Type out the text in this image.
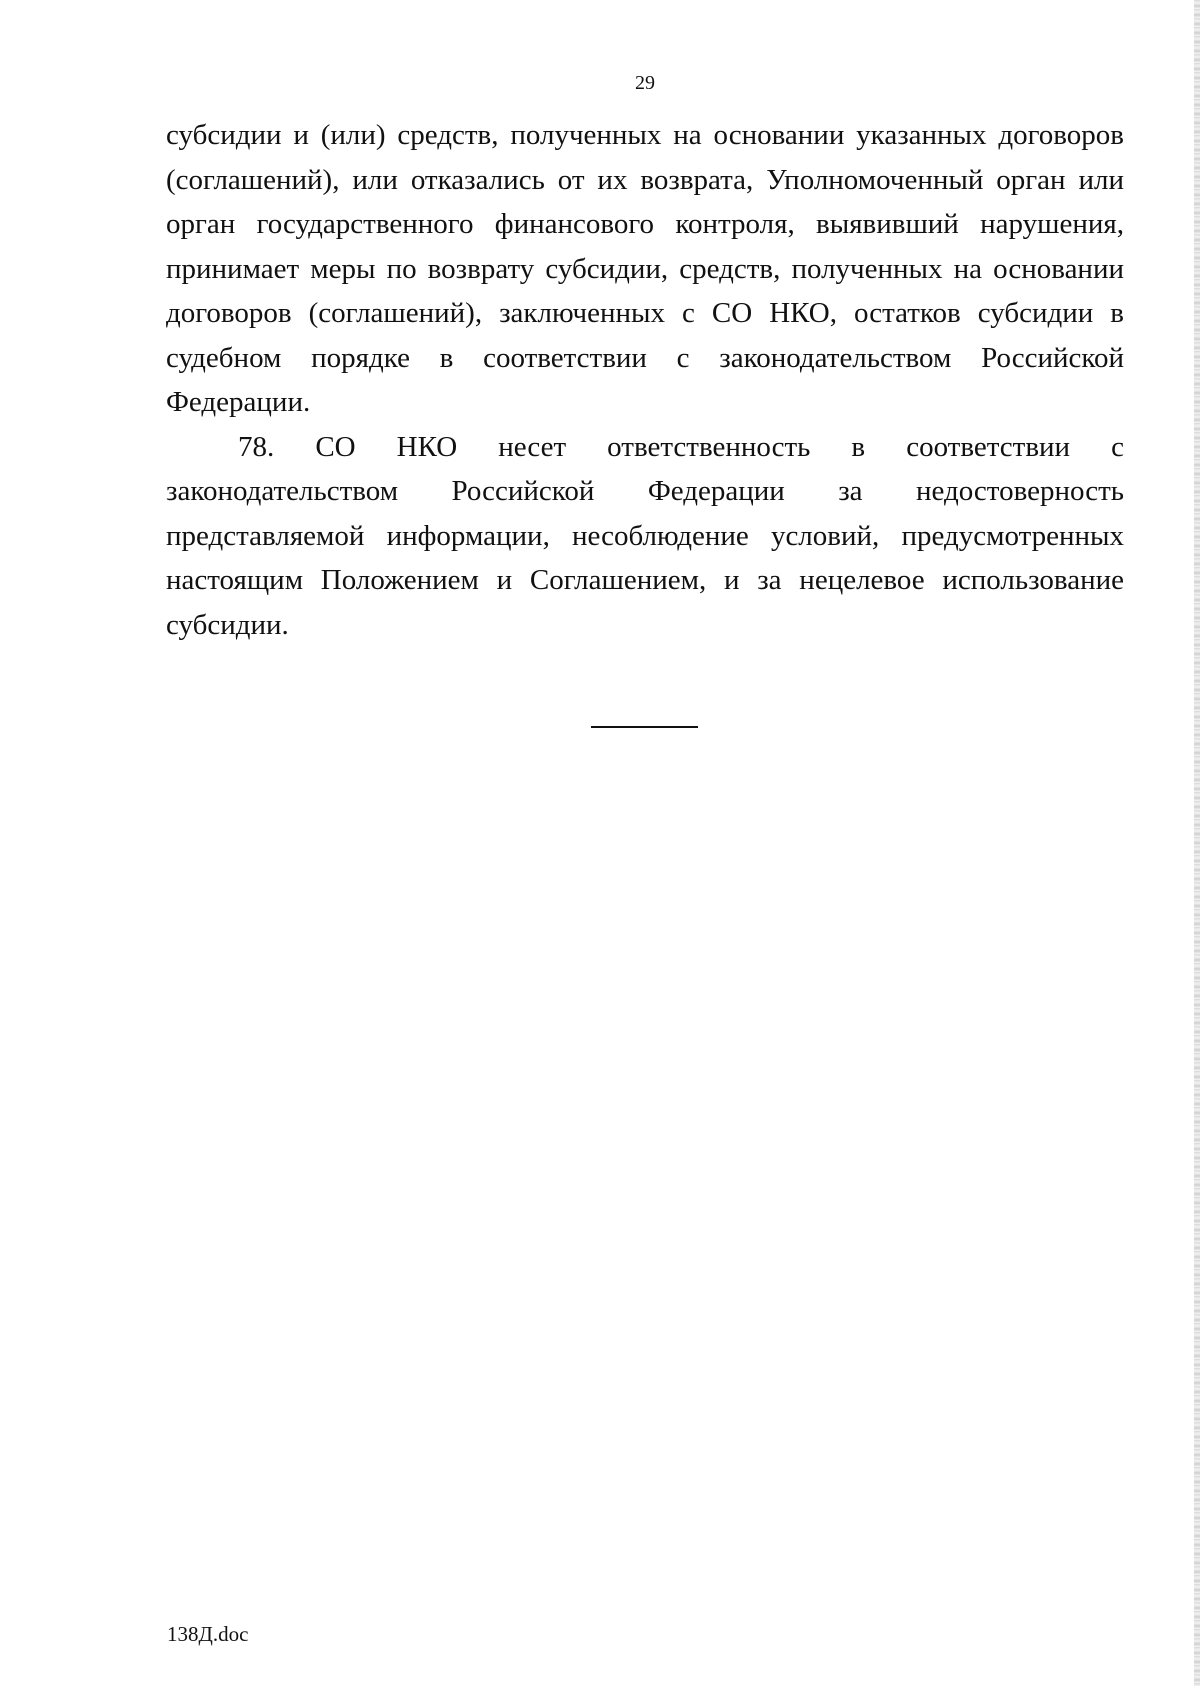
29

субсидии и (или) средств, полученных на основании указанных договоров (соглашений), или отказались от их возврата, Уполномоченный орган или орган государственного финансового контроля, выявивший нарушения, принимает меры по возврату субсидии, средств, полученных на основании договоров (соглашений), заключенных с СО НКО, остатков субсидии в судебном порядке в соответствии с законодательством Российской Федерации.

78. СО НКО несет ответственность в соответствии с законодательством Российской Федерации за недостоверность представляемой информации, несоблюдение условий, предусмотренных настоящим Положением и Соглашением, и за нецелевое использование субсидии.

138Д.doc
